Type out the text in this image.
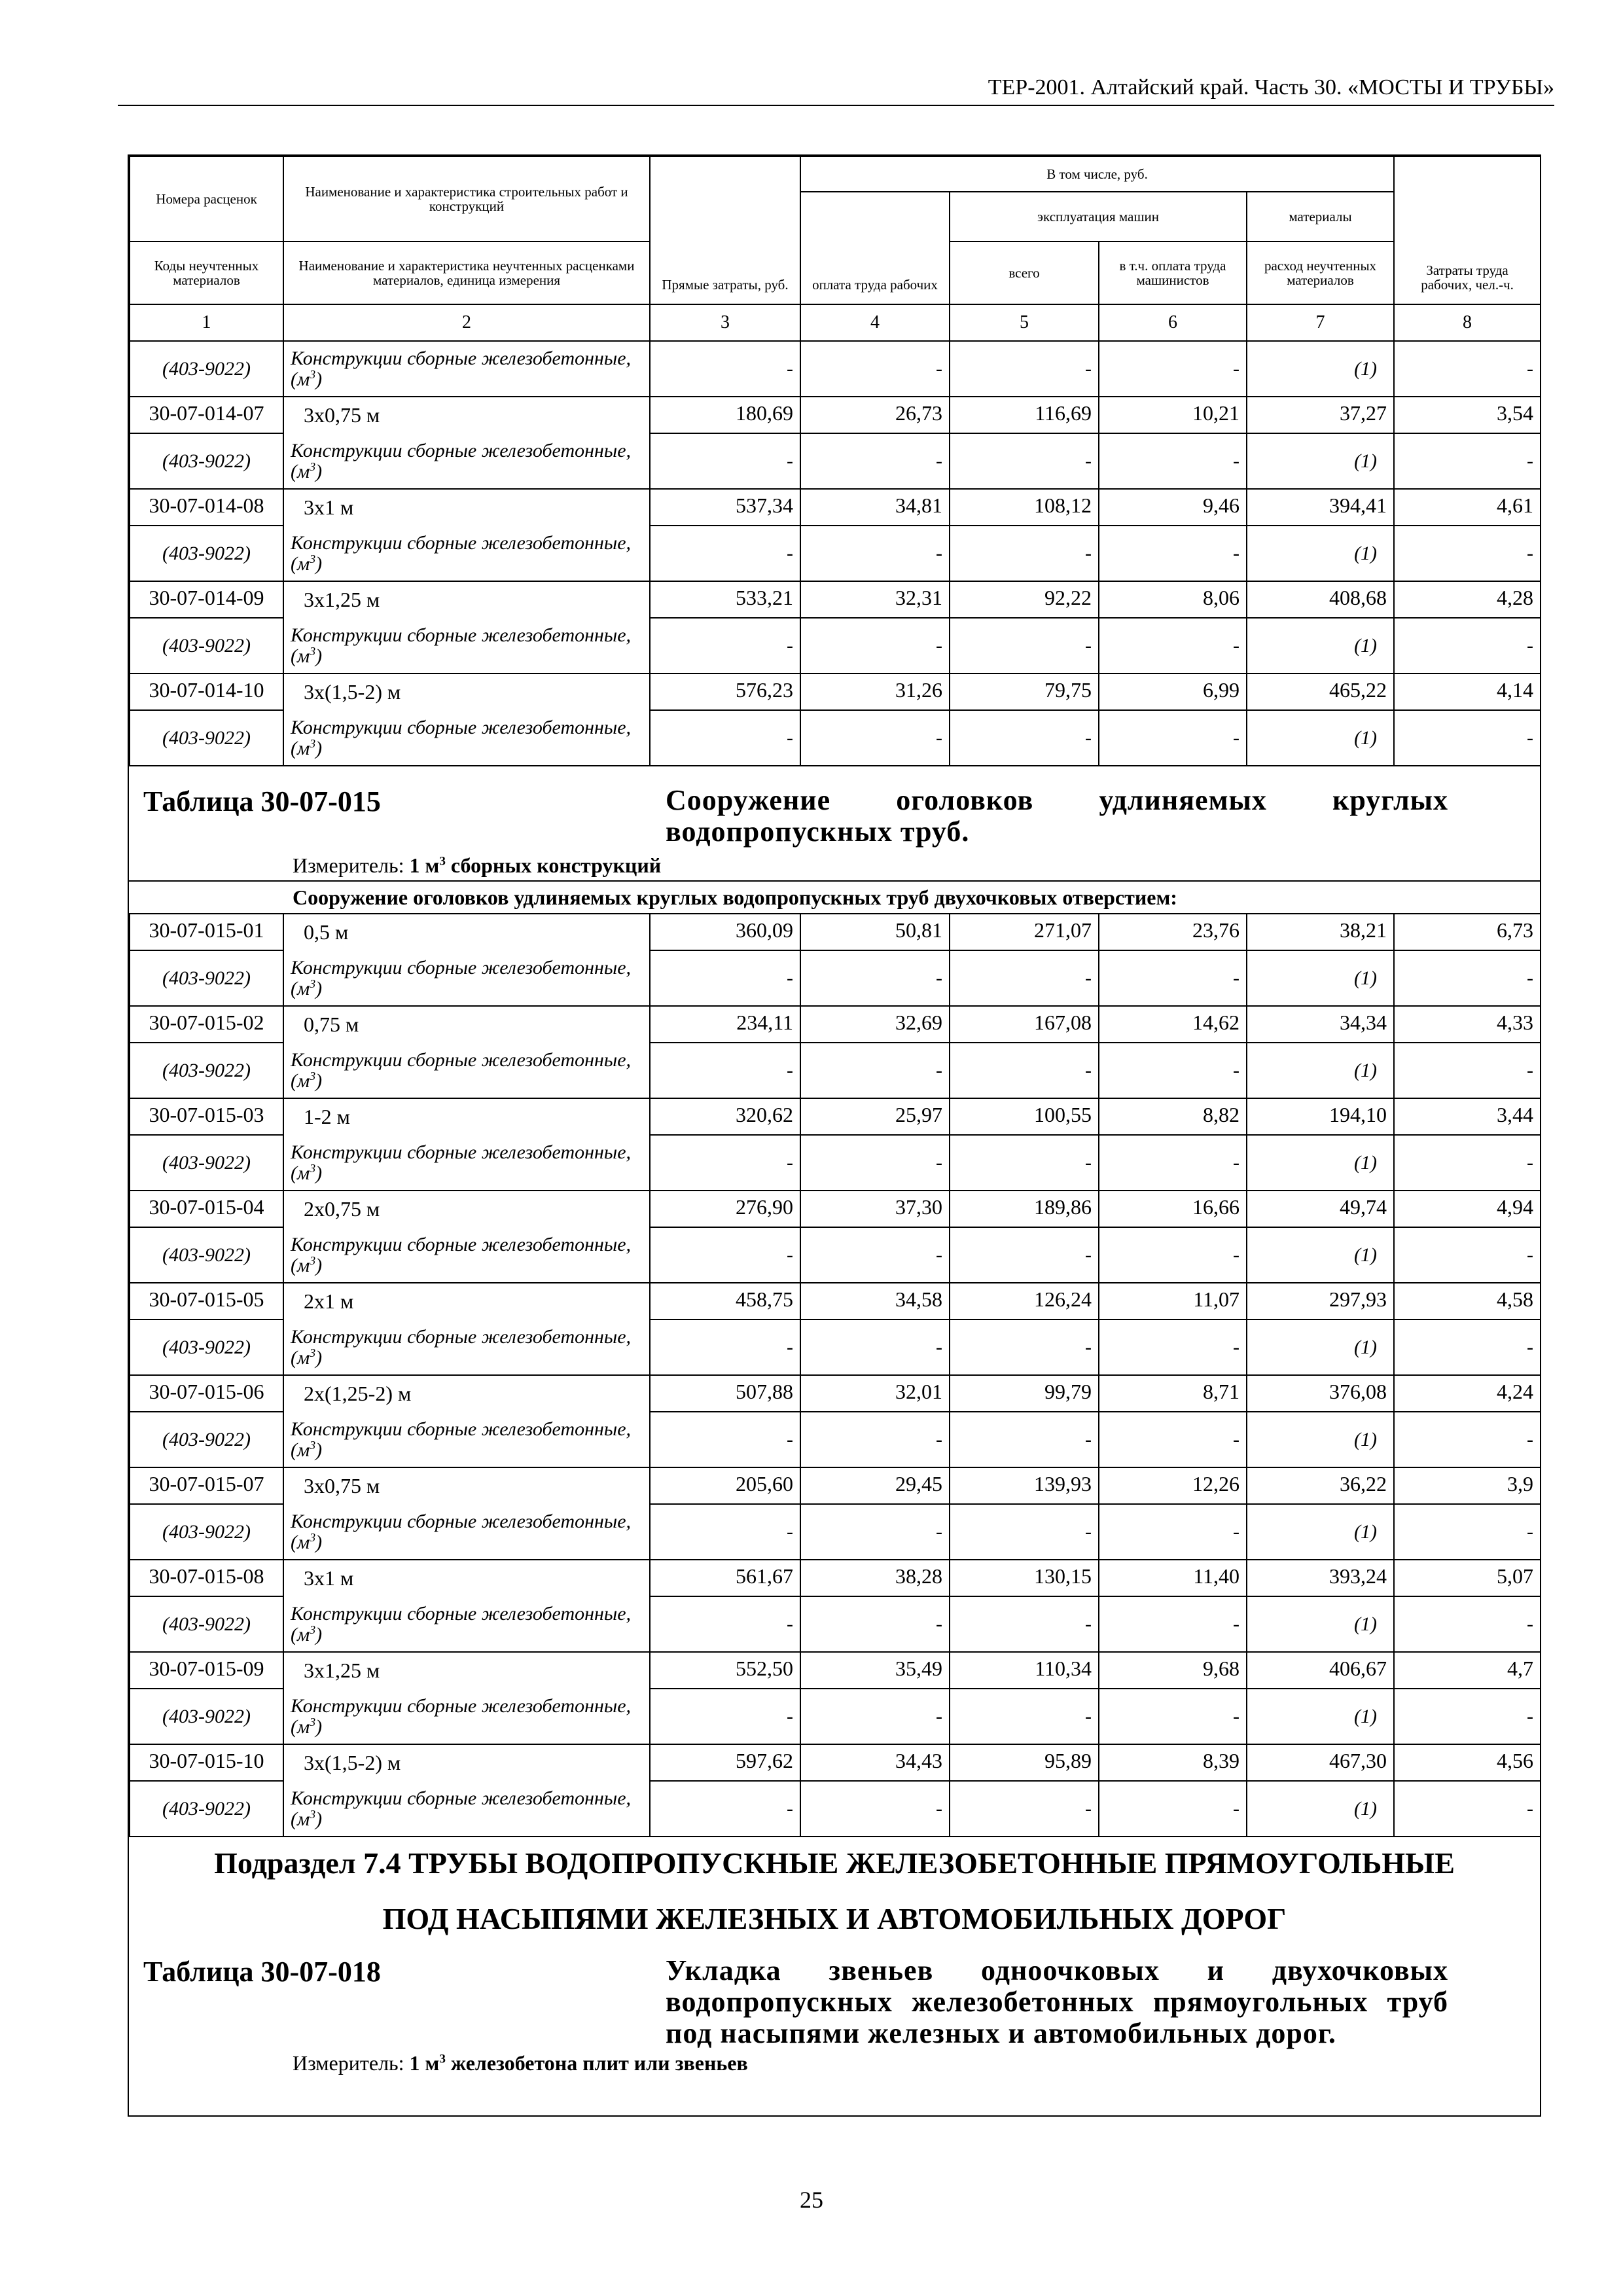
ТЕР-2001. Алтайский край. Часть 30. «МОСТЫ И ТРУБЫ»
Номера расценок	Наименование и характеристика строительных работ и конструкций	Прямые затраты, руб.	В том числе, руб.				Затраты труда рабочих, чел.-ч.
			оплата труда рабочих	эксплуатация машин		материалы	
Коды неучтенных материалов	Наименование и характеристика неучтенных расценками материалов, единица измерения			всего	в т.ч. оплата труда машинистов	расход неучтенных материалов	
1	2	3	4	5	6	7	8
(403-9022)	Конструкции сборные железобетонные, $(м^3)$	-	-	-	-	(1)	-
30-07-014-07	3х0,75 м	180,69	26,73	116,69	10,21	37,27	3,54
(403-9022)	Конструкции сборные железобетонные, $(м^3)$	-	-	-	-	(1)	-
30-07-014-08	3х1 м	537,34	34,81	108,12	9,46	394,41	4,61
(403-9022)	Конструкции сборные железобетонные, $(м^3)$	-	-	-	-	(1)	-
30-07-014-09	3х1,25 м	533,21	32,31	92,22	8,06	408,68	4,28
(403-9022)	Конструкции сборные железобетонные, $(м^3)$	-	-	-	-	(1)	-
30-07-014-10	3х(1,5-2) м	576,23	31,26	79,75	6,99	465,22	4,14
(403-9022)	Конструкции сборные железобетонные, $(м^3)$	-	-	-	-	(1)	-
Таблица 30-07-015	Сооружение оголовков удлиняемых круглых водопропускных труб.
Измеритель: 1 $м^3$ сборных конструкций
Сооружение оголовков удлиняемых круглых водопропускных труб двухочковых отверстием:
30-07-015-01	0,5 м	360,09	50,81	271,07	23,76	38,21	6,73
(403-9022)	Конструкции сборные железобетонные, $(м^3)$	-	-	-	-	(1)	-
30-07-015-02	0,75 м	234,11	32,69	167,08	14,62	34,34	4,33
(403-9022)	Конструкции сборные железобетонные, $(м^3)$	-	-	-	-	(1)	-
30-07-015-03	1-2 м	320,62	25,97	100,55	8,82	194,10	3,44
(403-9022)	Конструкции сборные железобетонные, $(м^3)$	-	-	-	-	(1)	-
30-07-015-04	2х0,75 м	276,90	37,30	189,86	16,66	49,74	4,94
(403-9022)	Конструкции сборные железобетонные, $(м^3)$	-	-	-	-	(1)	-
30-07-015-05	2х1 м	458,75	34,58	126,24	11,07	297,93	4,58
(403-9022)	Конструкции сборные железобетонные, $(м^3)$	-	-	-	-	(1)	-
30-07-015-06	2х(1,25-2) м	507,88	32,01	99,79	8,71	376,08	4,24
(403-9022)	Конструкции сборные железобетонные, $(м^3)$	-	-	-	-	(1)	-
30-07-015-07	3х0,75 м	205,60	29,45	139,93	12,26	36,22	3,9
(403-9022)	Конструкции сборные железобетонные, $(м^3)$	-	-	-	-	(1)	-
30-07-015-08	3х1 м	561,67	38,28	130,15	11,40	393,24	5,07
(403-9022)	Конструкции сборные железобетонные, $(м^3)$	-	-	-	-	(1)	-
30-07-015-09	3х1,25 м	552,50	35,49	110,34	9,68	406,67	4,7
(403-9022)	Конструкции сборные железобетонные, $(м^3)$	-	-	-	-	(1)	-
30-07-015-10	3х(1,5-2) м	597,62	34,43	95,89	8,39	467,30	4,56
(403-9022)	Конструкции сборные железобетонные, $(м^3)$	-	-	-	-	(1)	-
Подраздел 7.4 ТРУБЫ ВОДОПРОПУСКНЫЕ ЖЕЛЕЗОБЕТОННЫЕ ПРЯМОУГОЛЬНЫЕ
ПОД НАСЫПЯМИ ЖЕЛЕЗНЫХ И АВТОМОБИЛЬНЫХ ДОРОГ
Таблица 30-07-018	Укладка звеньев одноочковых и двухочковых водопропускных железобетонных прямоугольных труб под насыпями железных и автомобильных дорог.
Измеритель: 1 $м^3$ железобетона плит или звеньев
25
